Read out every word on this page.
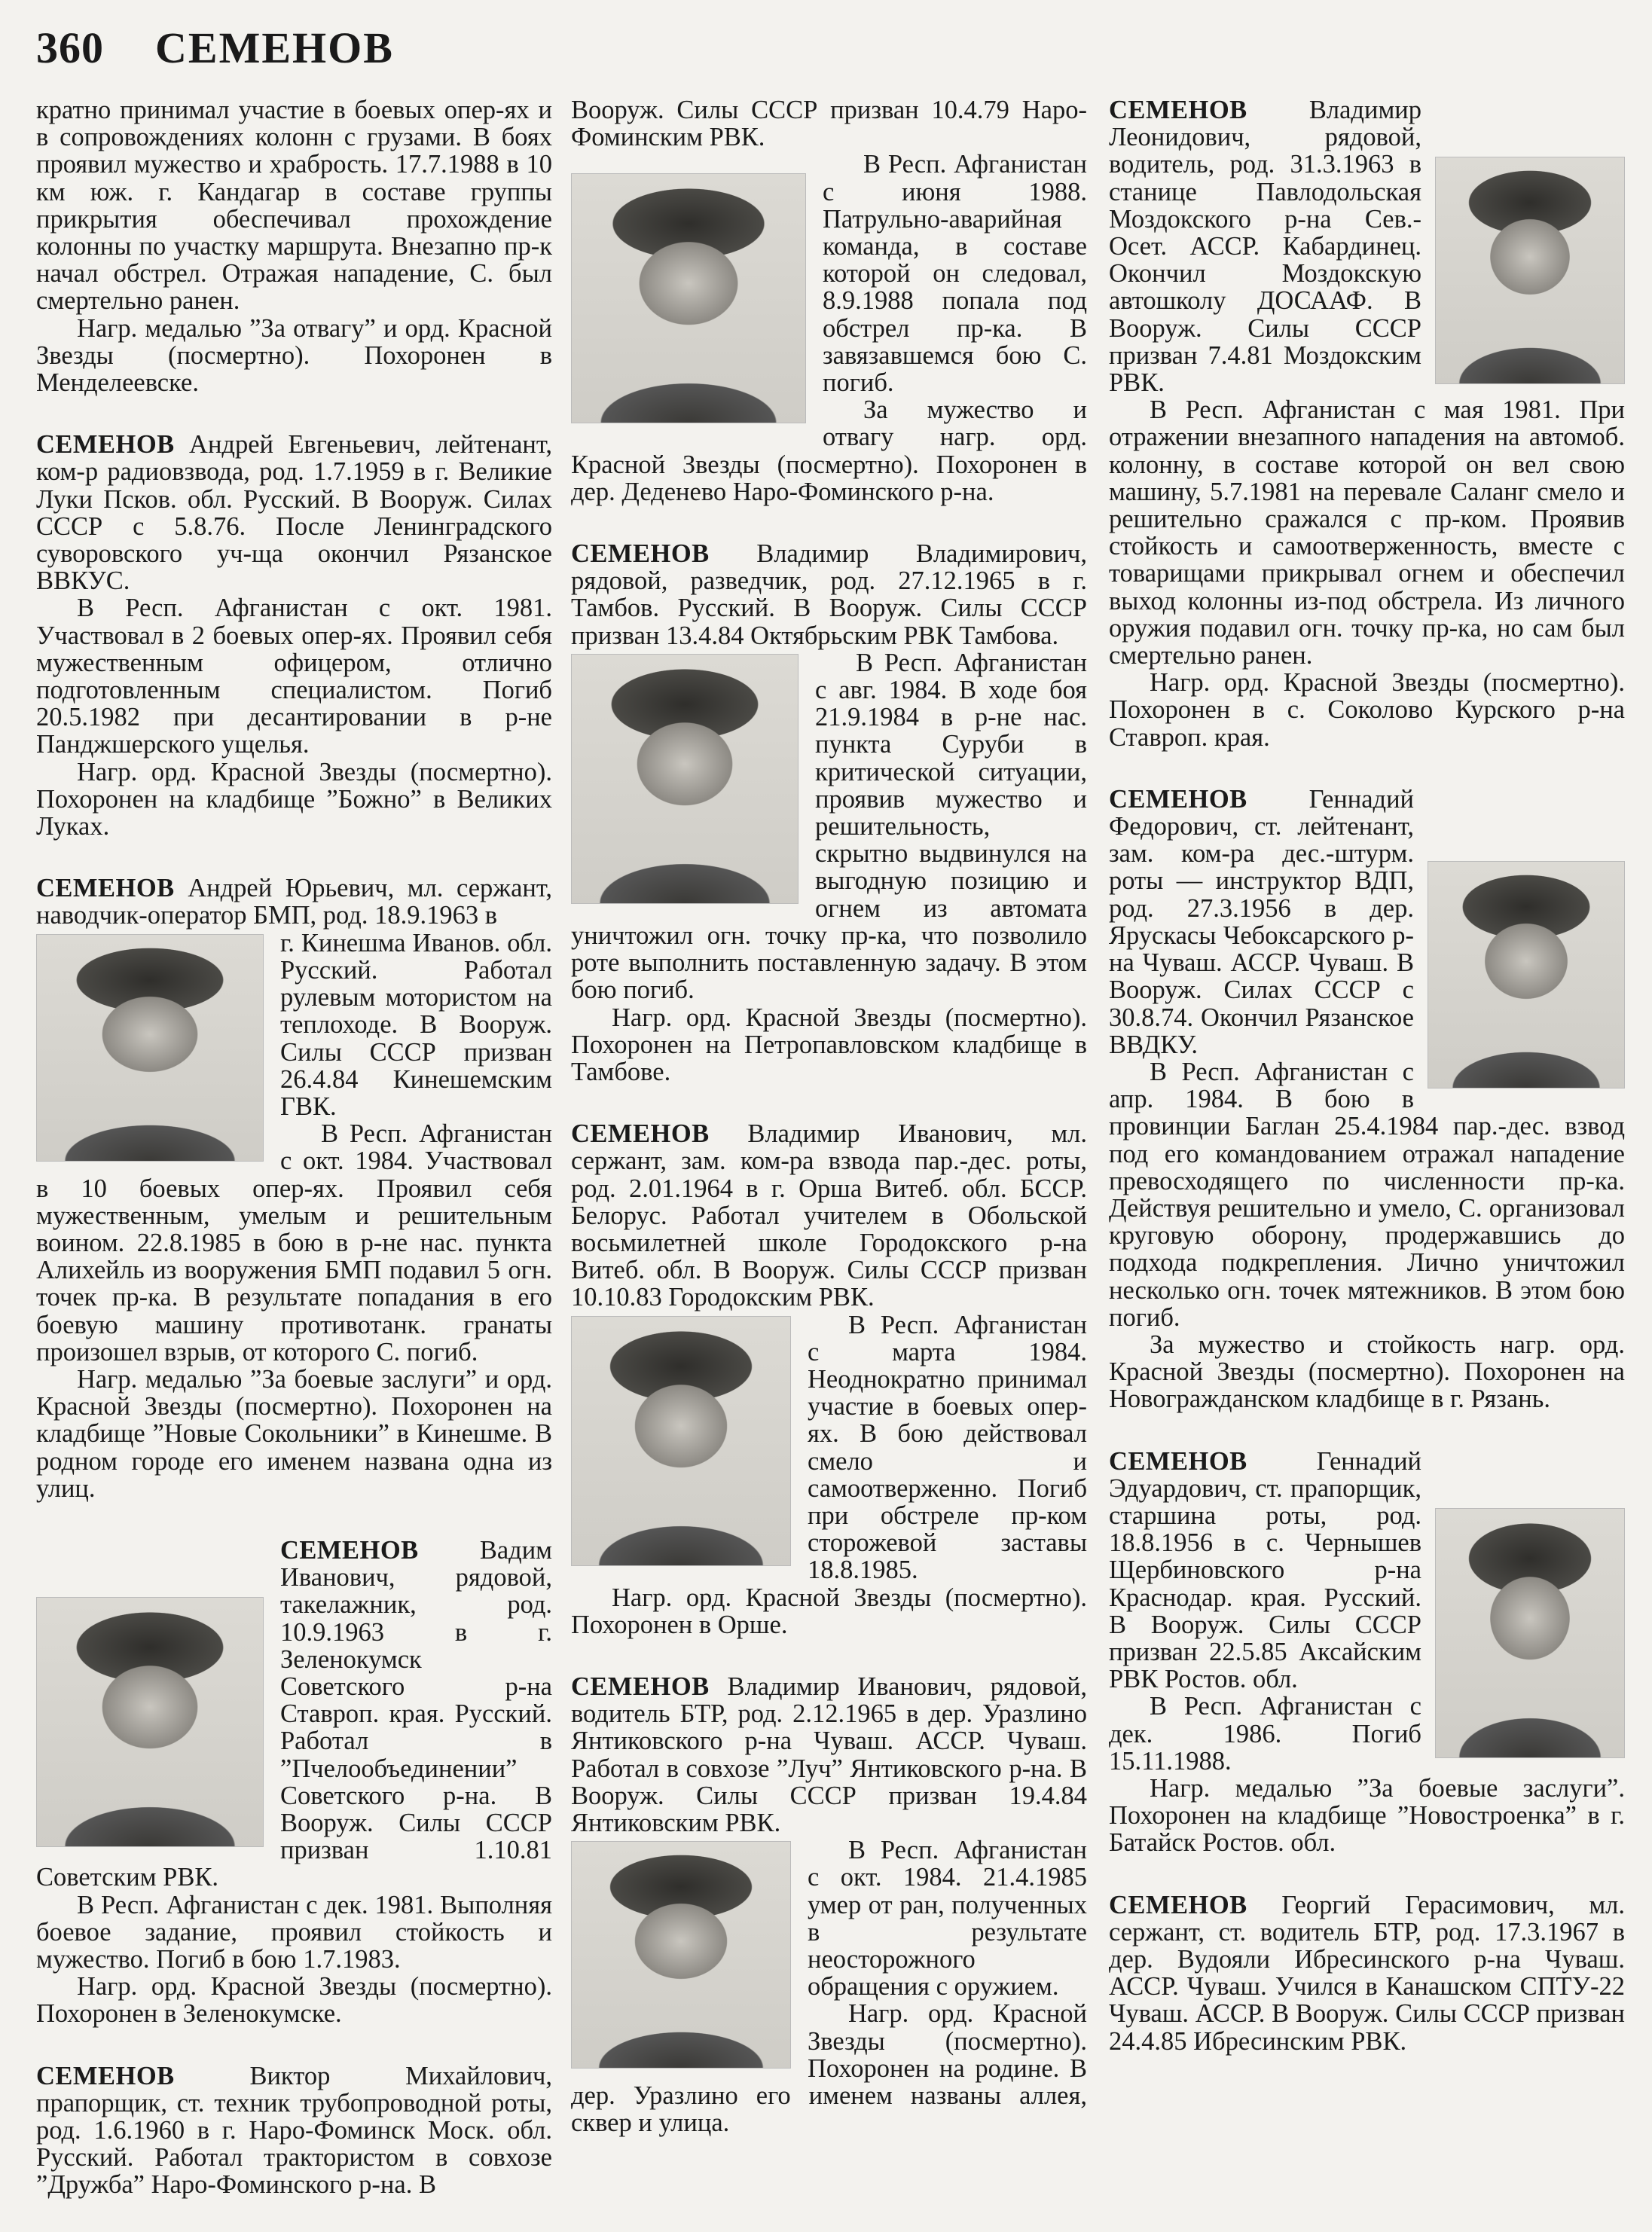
360 СЕМЕНОВ

кратно принимал участие в боевых опер-ях и в сопровождениях колонн с грузами. В боях проявил мужество и храбрость. 17.7.1988 в 10 км юж. г. Кандагар в составе группы прикрытия обеспечивал прохождение колонны по участку маршрута. Внезапно пр-к начал обстрел. Отражая нападение, С. был смертельно ранен.

Нагр. медалью ”За отвагу” и орд. Красной Звезды (посмертно). Похоронен в Менделеевске.

СЕМЕНОВ Андрей Евгеньевич, лейтенант, ком-р радиовзвода, род. 1.7.1959 в г. Великие Луки Псков. обл. Русский. В Вооруж. Силах СССР с 5.8.76. После Ленинградского суворовского уч-ща окончил Рязанское ВВКУС.

В Респ. Афганистан с окт. 1981. Участвовал в 2 боевых опер-ях. Проявил себя мужественным офицером, отлично подготовленным специалистом. Погиб 20.5.1982 при десантировании в р-не Панджшерского ущелья.

Нагр. орд. Красной Звезды (посмертно). Похоронен на кладбище ”Божно” в Великих Луках.

СЕМЕНОВ Андрей Юрьевич, мл. сержант, наводчик-оператор БМП, род. 18.9.1963 в

г. Кинешма Иванов. обл. Русский. Работал рулевым мотористом на теплоходе. В Вооруж. Силы СССР призван 26.4.84 Кинешемским ГВК.

В Респ. Афганистан с окт. 1984. Участвовал в 10 боевых опер-ях. Проявил себя мужественным, умелым и решительным воином. 22.8.1985 в бою в р-не нас. пункта Алихейль из вооружения БМП подавил 5 огн. точек пр-ка. В результате попадания в его боевую машину противотанк. гранаты произошел взрыв, от которого С. погиб.

Нагр. медалью ”За боевые заслуги” и орд. Красной Звезды (посмертно). Похоронен на кладбище ”Новые Сокольники” в Кинешме. В родном городе его именем названа одна из улиц.

СЕМЕНОВ Вадим Иванович, рядовой, такелажник, род. 10.9.1963 в г. Зеленокумск Советского р-на Ставроп. края. Русский. Работал в ”Пчелообъединении” Советского р-на. В Вооруж. Силы СССР призван 1.10.81 Советским РВК.

В Респ. Афганистан с дек. 1981. Выполняя боевое задание, проявил стойкость и мужество. Погиб в бою 1.7.1983.

Нагр. орд. Красной Звезды (посмертно). Похоронен в Зеленокумске.

СЕМЕНОВ	Виктор Михайлович, прапорщик, ст. техник трубопроводной роты, род. 1.6.1960 в г. Наро-Фоминск Моск. обл. Русский. Работал трактористом в совхозе ”Дружба” Наро-Фоминского р-на. В

Вооруж. Силы СССР призван 10.4.79 Наро-Фоминским РВК.

В Респ. Афганистан с июня 1988. Патрульно-аварийная команда, в составе которой он следовал, 8.9.1988 попала под обстрел пр-ка. В завязавшемся бою С. погиб.

За мужество и отвагу нагр. орд. Красной Звезды (посмертно). Похоронен в дер. Деденево Наро-Фоминского р-на.

СЕМЕНОВ Владимир Владимирович, рядовой, разведчик, род. 27.12.1965 в г. Тамбов. Русский. В Вооруж. Силы СССР призван 13.4.84 Октябрьским РВК Тамбова.

В Респ. Афганистан с авг. 1984. В ходе боя 21.9.1984 в р-не нас. пункта Суруби в критической ситуации, проявив мужество и решительность, скрытно выдвинулся на выгодную позицию и огнем из автомата уничтожил огн. точку пр-ка, что позволило роте выполнить поставленную задачу. В этом бою погиб.

Нагр. орд. Красной Звезды (посмертно). Похоронен на Петропавловском кладбище в Тамбове.

СЕМЕНОВ Владимир Иванович, мл. сержант, зам. ком-ра взвода пар.-дес. роты, род. 2.01.1964 в г. Орша Витеб. обл. БССР. Белорус. Работал учителем в Обольской восьмилетней школе Городокского р-на Витеб. обл. В Вооруж. Силы СССР призван 10.10.83 Городокским РВК.

В Респ. Афганистан с марта 1984. Неоднократно принимал участие в боевых опер-ях. В бою действовал смело и самоотверженно. Погиб при обстреле пр-ком сторожевой заставы 18.8.1985.

Нагр. орд. Красной Звезды (посмертно). Похоронен в Орше.

СЕМЕНОВ Владимир Иванович, рядовой, водитель БТР, род. 2.12.1965 в дер. Уразлино Янтиковского р-на Чуваш. АССР. Чуваш. Работал в совхозе ”Луч” Янтиковского р-на. В Вооруж. Силы СССР призван 19.4.84 Янтиковским РВК.

В Респ. Афганистан с окт. 1984. 21.4.1985 умер от ран, полученных в результате неосторожного обращения с оружием.

Нагр. орд. Красной Звезды (посмертно). Похоронен на родине. В дер. Уразлино его именем названы аллея, сквер и улица.

СЕМЕНОВ Владимир Леонидович, рядовой, водитель, род. 31.3.1963 в станице Павлодольская Моздокского р-на Сев.-Осет. АССР. Кабардинец. Окончил Моздокскую автошколу ДОСААФ. В Вооруж. Силы СССР призван 7.4.81 Моздокским РВК.

В Респ. Афганистан с мая 1981. При отражении внезапного нападения на автомоб. колонну, в составе которой он вел свою машину, 5.7.1981 на перевале Саланг смело и решительно сражался с пр-ком. Проявив стойкость и самоотверженность, вместе с товарищами прикрывал огнем и обеспечил выход колонны из-под обстрела. Из личного оружия подавил огн. точку пр-ка, но сам был смертельно ранен.

Нагр. орд. Красной Звезды (посмертно). Похоронен в с. Соколово Курского р-на Ставроп. края.

СЕМЕНОВ Геннадий Федорович, ст. лейтенант, зам. ком-ра дес.-штурм. роты — инструктор ВДП, род. 27.3.1956 в дер. Ярускасы Чебоксарского р-на Чуваш. АССР. Чуваш. В Вооруж. Силах СССР с 30.8.74. Окончил Рязанское ВВДКУ.

В Респ. Афганистан с апр. 1984. В бою в провинции Баглан 25.4.1984 пар.-дес. взвод под его командованием отражал нападение превосходящего по численности пр-ка. Действуя решительно и умело, С. организовал круговую оборону, продержавшись до подхода подкрепления. Лично уничтожил несколько огн. точек мятежников. В этом бою погиб.

За мужество и стойкость нагр. орд. Красной Звезды (посмертно). Похоронен на Новогражданском кладбище в г. Рязань.

СЕМЕНОВ	Геннадий Эдуардович, ст. прапорщик, старшина роты, род. 18.8.1956 в с. Чернышев Щербиновского р-на Краснодар. края. Русский. В Вооруж. Силы СССР призван 22.5.85 Аксайским РВК Ростов. обл.

В Респ. Афганистан с дек. 1986. Погиб 15.11.1988.

Нагр. медалью ”За боевые заслуги”. Похоронен на кладбище ”Новостроенка” в г. Батайск Ростов. обл.

СЕМЕНОВ Георгий Герасимович, мл. сержант, ст. водитель БТР, род. 17.3.1967 в дер. Вудояли Ибресинского р-на Чуваш. АССР. Чуваш. Учился в Канашском СПТУ-22 Чуваш. АССР. В Вооруж. Силы СССР призван 24.4.85 Ибресинским РВК.
